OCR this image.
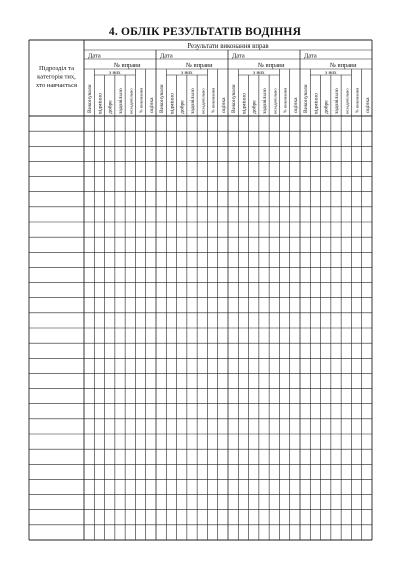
4. ОБЛІК РЕЗУЛЬТАТІВ ВОДІННЯ
Підрозділ та
категорія тих,
хто навчається
Результати виконання вправ
Дата
№ вправи
з них
Виконували відмінно добре задовільно незадовільно % виконання оцінка
Дата
№ вправи
з них
Виконували відмінно добре задовільно незадовільно % виконання оцінка
Дата
№ вправи
з них
Виконували відмінно добре задовільно незадовільно % виконання оцінка
Дата
№ вправи
з них
Виконували відмінно добре задовільно незадовільно % виконання оцінка
